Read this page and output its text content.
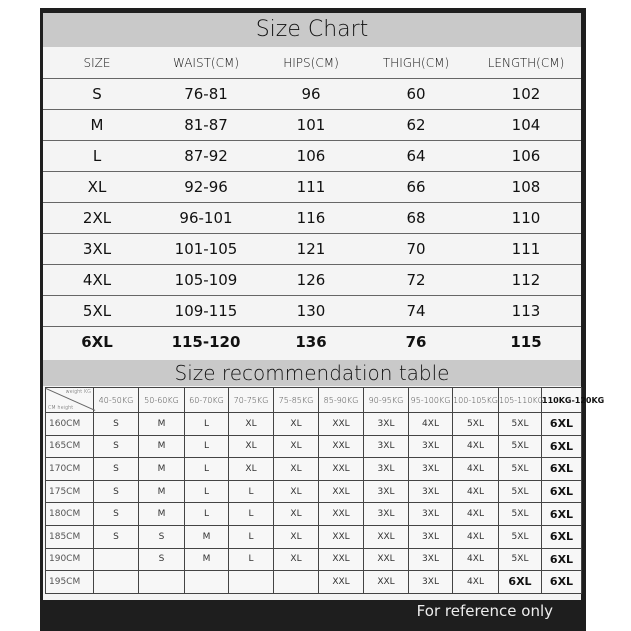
Size Chart
SIZE	WAIST(CM)	HIPS(CM)	THIGH(CM)	LENGTH(CM)
S	76-81	96	60	102
M	81-87	101	62	104
L	87-92	106	64	106
XL	92-96	111	66	108
2XL	96-101	116	68	110
3XL	101-105	121	70	111
4XL	105-109	126	72	112
5XL	109-115	130	74	113
6XL	115-120	136	76	115
Size recommendation table
weight KG
CM height	40-50KG	50-60KG	60-70KG	70-75KG	75-85KG	85-90KG	90-95KG	95-100KG	100-105KG	105-110KG	110KG-120KG
160CM	S	M	L	XL	XL	XXL	3XL	4XL	5XL	5XL	6XL
165CM	S	M	L	XL	XL	XXL	3XL	3XL	4XL	5XL	6XL
170CM	S	M	L	XL	XL	XXL	3XL	3XL	4XL	5XL	6XL
175CM	S	M	L	L	XL	XXL	3XL	3XL	4XL	5XL	6XL
180CM	S	M	L	L	XL	XXL	3XL	3XL	4XL	5XL	6XL
185CM	S	S	M	L	XL	XXL	XXL	3XL	4XL	5XL	6XL
190CM		S	M	L	XL	XXL	XXL	3XL	4XL	5XL	6XL
195CM						XXL	XXL	3XL	4XL	6XL	6XL
For reference only
